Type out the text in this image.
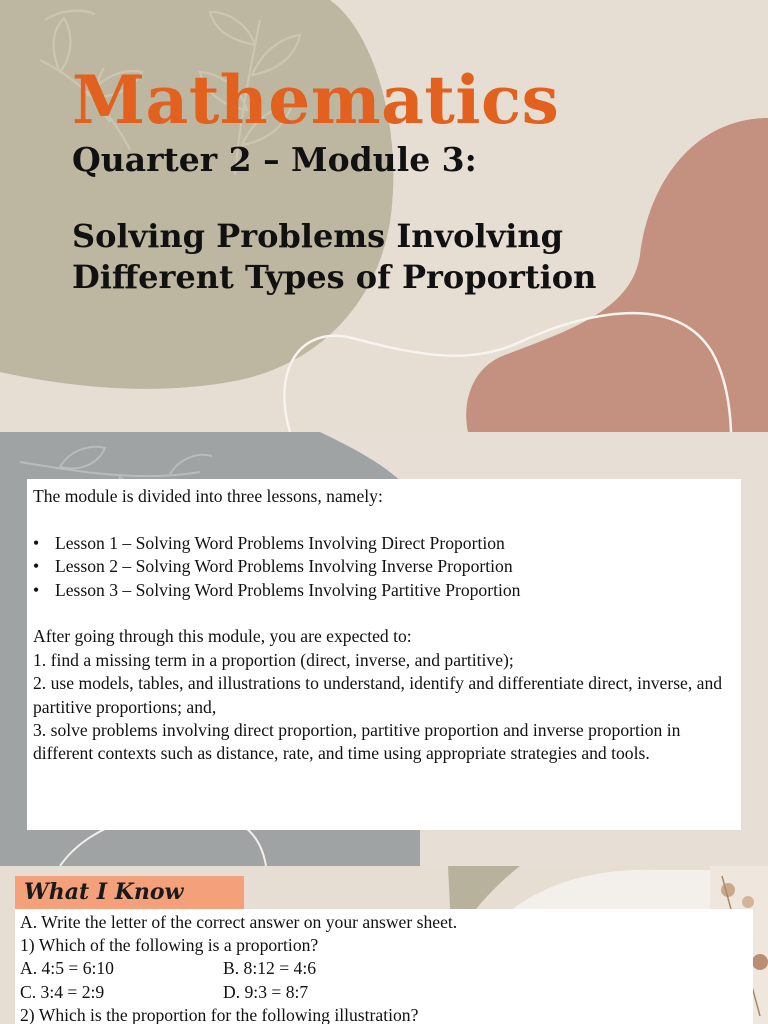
Mathematics
Quarter 2 – Module 3:
Solving Problems Involving Different Types of Proportion

The module is divided into three lessons, namely:

• Lesson 1 – Solving Word Problems Involving Direct Proportion
• Lesson 2 – Solving Word Problems Involving Inverse Proportion
• Lesson 3 – Solving Word Problems Involving Partitive Proportion

After going through this module, you are expected to:

1. find a missing term in a proportion (direct, inverse, and partitive);

2. use models, tables, and illustrations to understand, identify and differentiate direct, inverse, and partitive proportions; and,

3. solve problems involving direct proportion, partitive proportion and inverse proportion in different contexts such as distance, rate, and time using appropriate strategies and tools.

What I Know

A. Write the letter of the correct answer on your answer sheet.

1) Which of the following is a proportion?

A. 4:5 = 6:10	B. 8:12 = 4:6

C. 3:4 = 2:9	D. 9:3 = 8:7

2) Which is the proportion for the following illustration?
